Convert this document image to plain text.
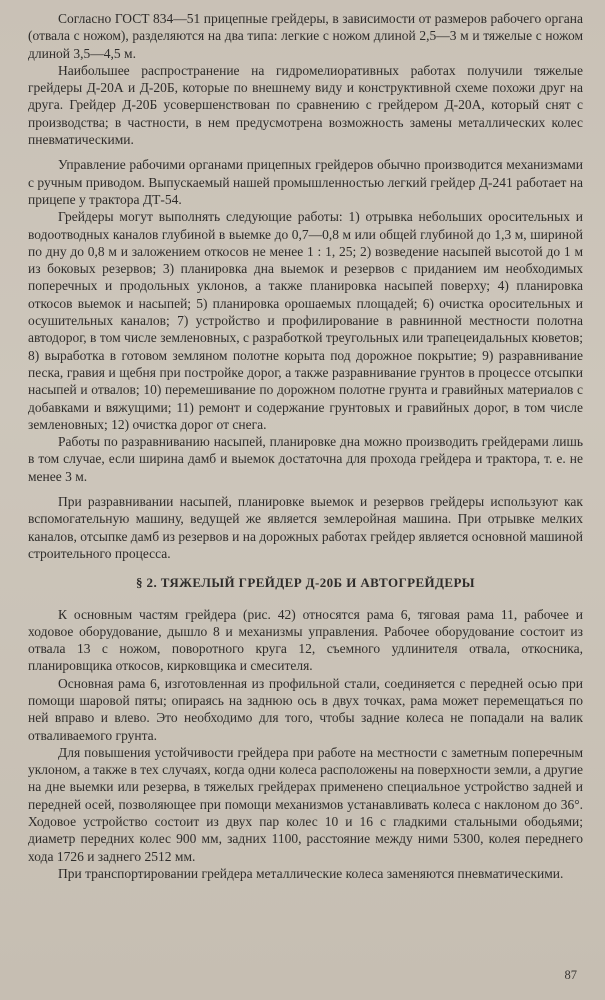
Согласно ГОСТ 834—51 прицепные грейдеры, в зависимости от размеров рабочего органа (отвала с ножом), разделяются на два типа: легкие с ножом длиной 2,5—3 м и тяжелые с ножом длиной 3,5—4,5 м.

Наибольшее распространение на гидромелиоративных работах получили тяжелые грейдеры Д-20А и Д-20Б, которые по внешнему виду и конструктивной схеме похожи друг на друга. Грейдер Д-20Б усовершенствован по сравнению с грейдером Д-20А, который снят с производства; в частности, в нем предусмотрена возможность замены металлических колес пневматическими.

Управление рабочими органами прицепных грейдеров обычно производится механизмами с ручным приводом. Выпускаемый нашей промышленностью легкий грейдер Д-241 работает на прицепе у трактора ДТ-54.

Грейдеры могут выполнять следующие работы: 1) отрывка небольших оросительных и водоотводных каналов глубиной в выемке до 0,7—0,8 м или общей глубиной до 1,3 м, шириной по дну до 0,8 м и заложением откосов не менее 1 : 1, 25; 2) возведение насыпей высотой до 1 м из боковых резервов; 3) планировка дна выемок и резервов с приданием им необходимых поперечных и продольных уклонов, а также планировка насыпей поверху; 4) планировка откосов выемок и насыпей; 5) планировка орошаемых площадей; 6) очистка оросительных и осушительных каналов; 7) устройство и профилирование в равнинной местности полотна автодорог, в том числе земленовных, с разработкой треугольных или трапецеидальных кюветов; 8) выработка в готовом земляном полотне корыта под дорожное покрытие; 9) разравнивание песка, гравия и щебня при постройке дорог, а также разравнивание грунтов в процессе отсыпки насыпей и отвалов; 10) перемешивание по дорожном полотне грунта и гравийных материалов с добавками и вяжущими; 11) ремонт и содержание грунтовых и гравийных дорог, в том числе земленовных; 12) очистка дорог от снега.

Работы по разравниванию насыпей, планировке дна можно производить грейдерами лишь в том случае, если ширина дамб и выемок достаточна для прохода грейдера и трактора, т. е. не менее 3 м.

При разравнивании насыпей, планировке выемок и резервов грейдеры используют как вспомогательную машину, ведущей же является землеройная машина. При отрывке мелких каналов, отсыпке дамб из резервов и на дорожных работах грейдер является основной машиной строительного процесса.

§ 2. ТЯЖЕЛЫЙ ГРЕЙДЕР Д-20Б И АВТОГРЕЙДЕРЫ

К основным частям грейдера (рис. 42) относятся рама 6, тяговая рама 11, рабочее и ходовое оборудование, дышло 8 и механизмы управления. Рабочее оборудование состоит из отвала 13 с ножом, поворотного круга 12, съемного удлинителя отвала, откосника, планировщика откосов, кирковщика и смесителя.

Основная рама 6, изготовленная из профильной стали, соединяется с передней осью при помощи шаровой пяты; опираясь на заднюю ось в двух точках, рама может перемещаться по ней вправо и влево. Это необходимо для того, чтобы задние колеса не попадали на валик отваливаемого грунта.

Для повышения устойчивости грейдера при работе на местности с заметным поперечным уклоном, а также в тех случаях, когда одни колеса расположены на поверхности земли, а другие на дне выемки или резерва, в тяжелых грейдерах применено специальное устройство задней и передней осей, позволяющее при помощи механизмов устанавливать колеса с наклоном до 36°. Ходовое устройство состоит из двух пар колес 10 и 16 с гладкими стальными ободьями; диаметр передних колес 900 мм, задних 1100, расстояние между ними 5300, колея переднего хода 1726 и заднего 2512 мм.

При транспортировании грейдера металлические колеса заменяются пневматическими.

87
